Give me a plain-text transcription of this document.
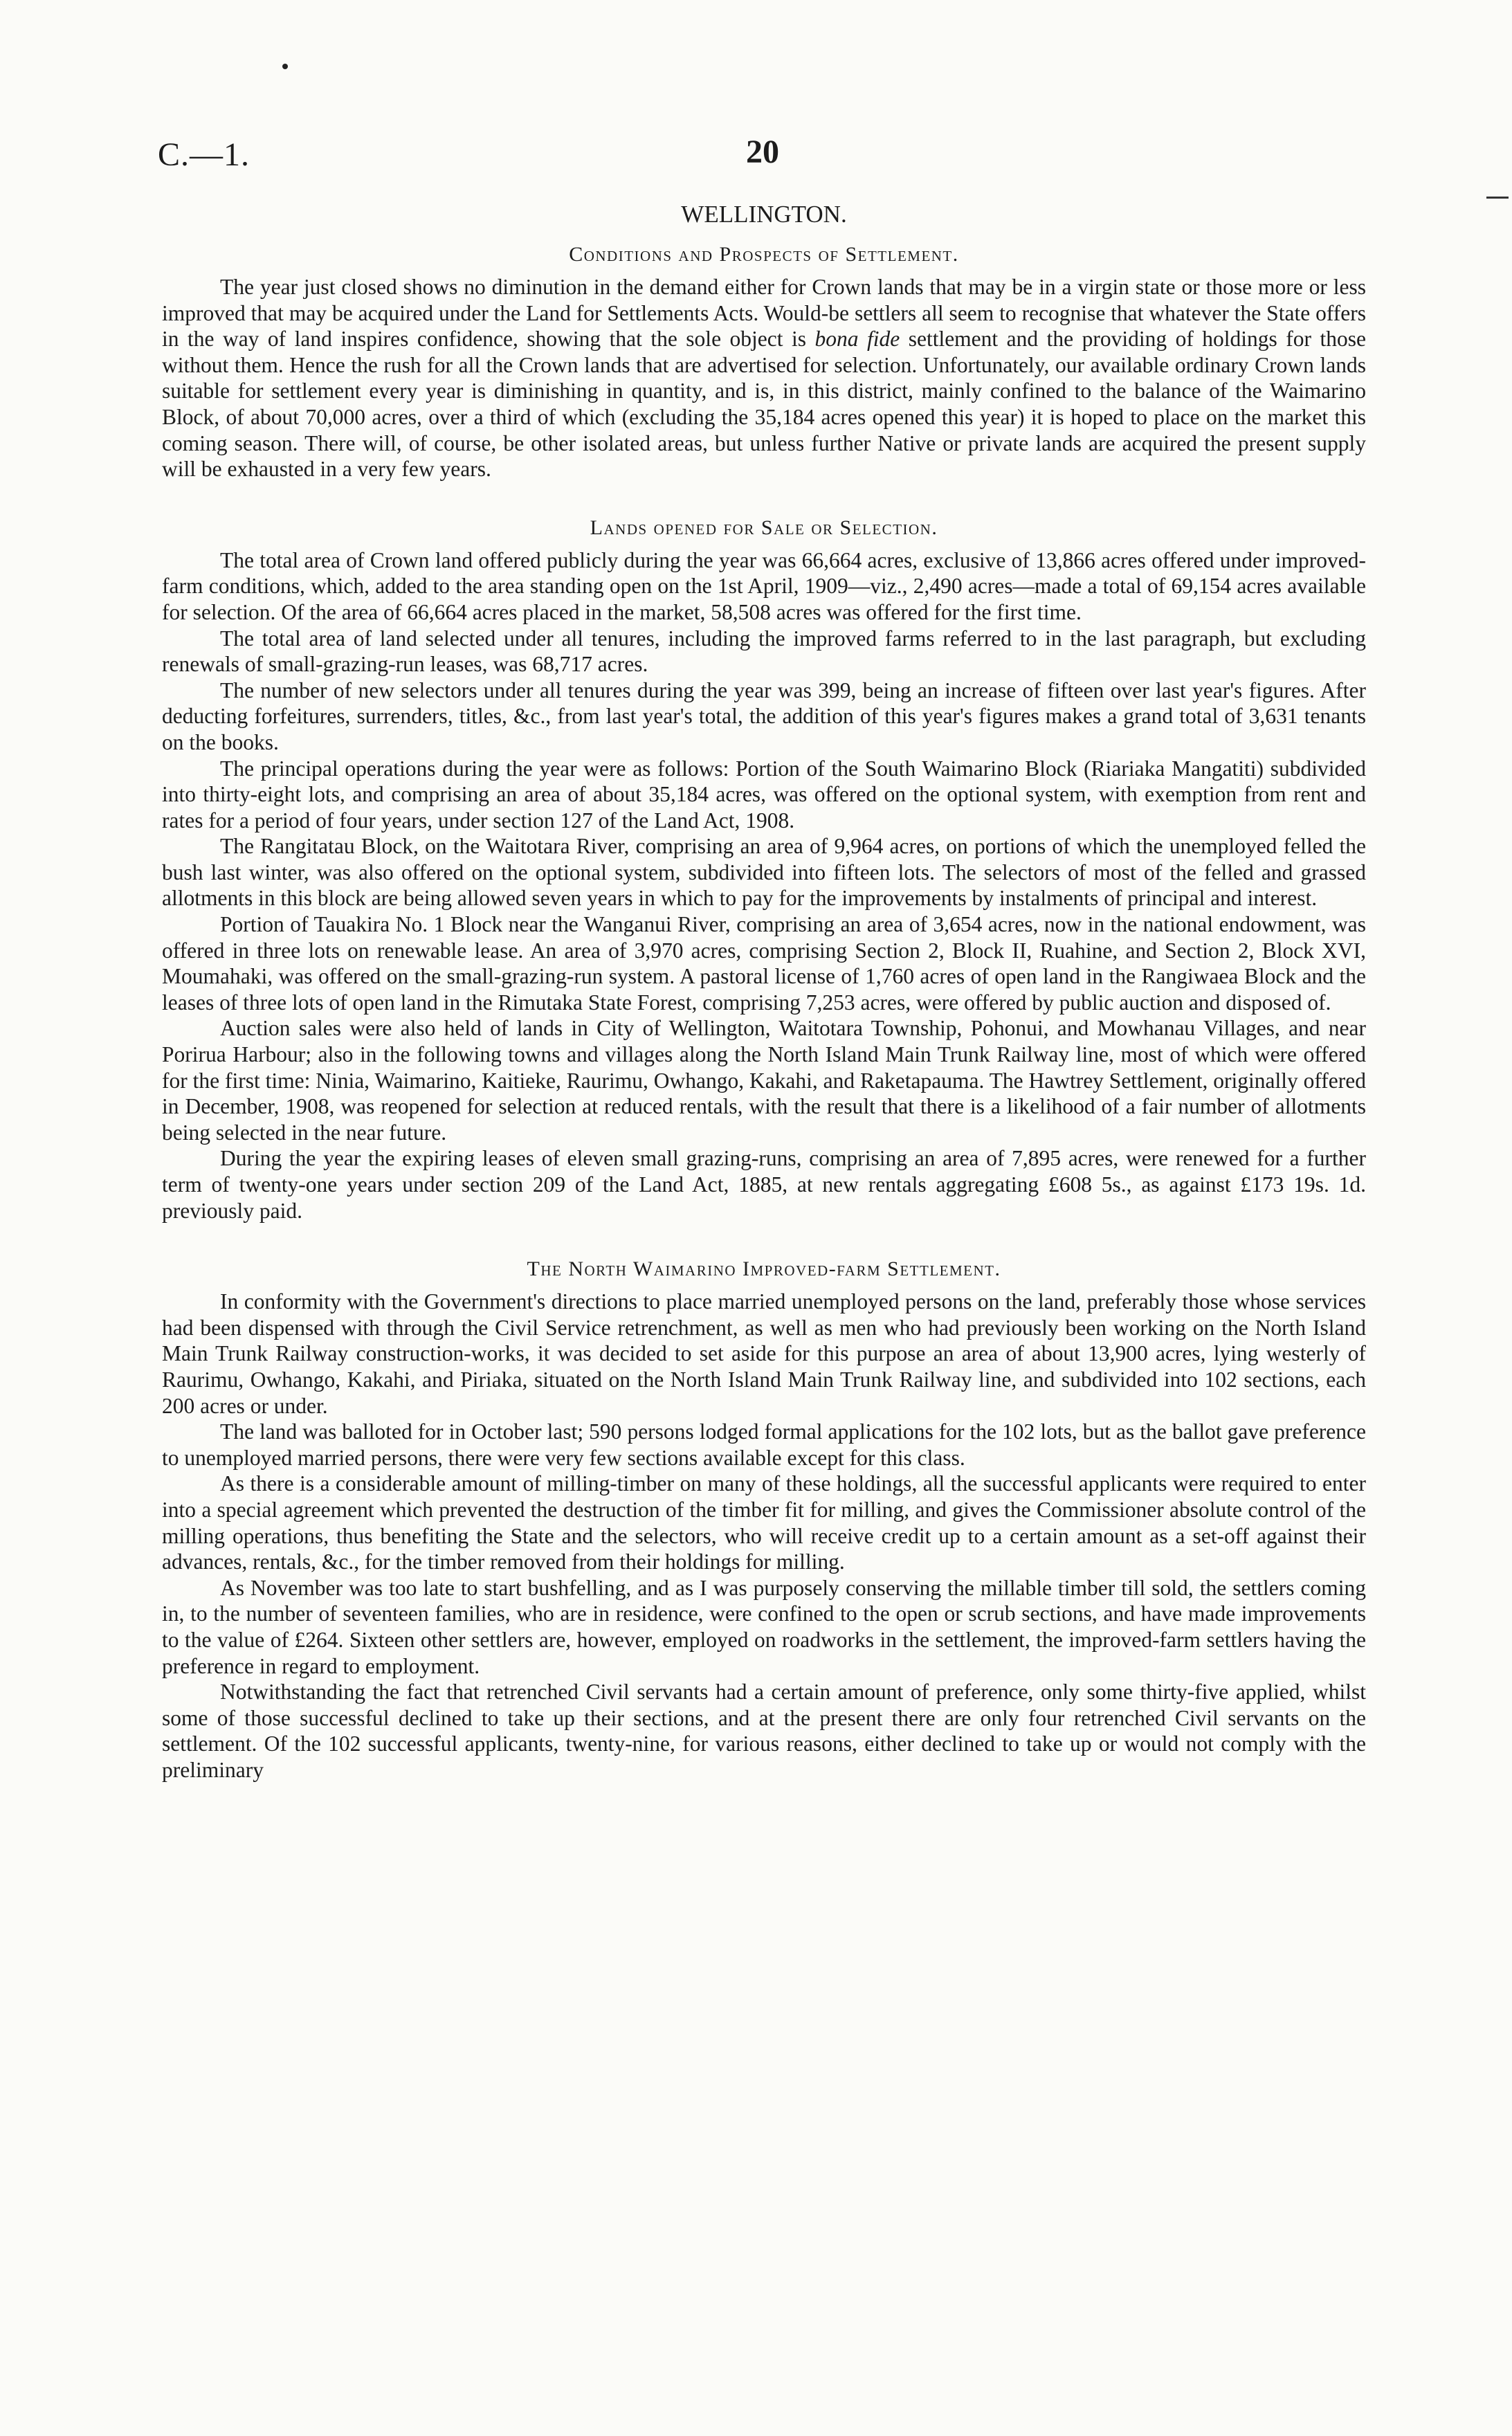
C.—1.	20
WELLINGTON.
Conditions and Prospects of Settlement.

The year just closed shows no diminution in the demand either for Crown lands that may be in a virgin state or those more or less improved that may be acquired under the Land for Settlements Acts. Would-be settlers all seem to recognise that whatever the State offers in the way of land inspires confidence, showing that the sole object is bona fide settlement and the providing of holdings for those without them. Hence the rush for all the Crown lands that are advertised for selection. Unfortunately, our available ordinary Crown lands suitable for settlement every year is diminishing in quantity, and is, in this district, mainly confined to the balance of the Waimarino Block, of about 70,000 acres, over a third of which (excluding the 35,184 acres opened this year) it is hoped to place on the market this coming season. There will, of course, be other isolated areas, but unless further Native or private lands are acquired the present supply will be exhausted in a very few years.

Lands opened for Sale or Selection.

The total area of Crown land offered publicly during the year was 66,664 acres, exclusive of 13,866 acres offered under improved-farm conditions, which, added to the area standing open on the 1st April, 1909—viz., 2,490 acres—made a total of 69,154 acres available for selection. Of the area of 66,664 acres placed in the market, 58,508 acres was offered for the first time.

The total area of land selected under all tenures, including the improved farms referred to in the last paragraph, but excluding renewals of small-grazing-run leases, was 68,717 acres.

The number of new selectors under all tenures during the year was 399, being an increase of fifteen over last year's figures. After deducting forfeitures, surrenders, titles, &c., from last year's total, the addition of this year's figures makes a grand total of 3,631 tenants on the books.

The principal operations during the year were as follows: Portion of the South Waimarino Block (Riariaka Mangatiti) subdivided into thirty-eight lots, and comprising an area of about 35,184 acres, was offered on the optional system, with exemption from rent and rates for a period of four years, under section 127 of the Land Act, 1908.

The Rangitatau Block, on the Waitotara River, comprising an area of 9,964 acres, on portions of which the unemployed felled the bush last winter, was also offered on the optional system, subdivided into fifteen lots. The selectors of most of the felled and grassed allotments in this block are being allowed seven years in which to pay for the improvements by instalments of principal and interest.

Portion of Tauakira No. 1 Block near the Wanganui River, comprising an area of 3,654 acres, now in the national endowment, was offered in three lots on renewable lease. An area of 3,970 acres, comprising Section 2, Block II, Ruahine, and Section 2, Block XVI, Moumahaki, was offered on the small-grazing-run system. A pastoral license of 1,760 acres of open land in the Rangiwaea Block and the leases of three lots of open land in the Rimutaka State Forest, comprising 7,253 acres, were offered by public auction and disposed of.

Auction sales were also held of lands in City of Wellington, Waitotara Township, Pohonui, and Mowhanau Villages, and near Porirua Harbour; also in the following towns and villages along the North Island Main Trunk Railway line, most of which were offered for the first time: Ninia, Waimarino, Kaitieke, Raurimu, Owhango, Kakahi, and Raketapauma. The Hawtrey Settlement, originally offered in December, 1908, was reopened for selection at reduced rentals, with the result that there is a likelihood of a fair number of allotments being selected in the near future.

During the year the expiring leases of eleven small grazing-runs, comprising an area of 7,895 acres, were renewed for a further term of twenty-one years under section 209 of the Land Act, 1885, at new rentals aggregating £608 5s., as against £173 19s. 1d. previously paid.

The North Waimarino Improved-farm Settlement.

In conformity with the Government's directions to place married unemployed persons on the land, preferably those whose services had been dispensed with through the Civil Service retrenchment, as well as men who had previously been working on the North Island Main Trunk Railway construction-works, it was decided to set aside for this purpose an area of about 13,900 acres, lying westerly of Raurimu, Owhango, Kakahi, and Piriaka, situated on the North Island Main Trunk Railway line, and subdivided into 102 sections, each 200 acres or under.

The land was balloted for in October last; 590 persons lodged formal applications for the 102 lots, but as the ballot gave preference to unemployed married persons, there were very few sections available except for this class.

As there is a considerable amount of milling-timber on many of these holdings, all the successful applicants were required to enter into a special agreement which prevented the destruction of the timber fit for milling, and gives the Commissioner absolute control of the milling operations, thus benefiting the State and the selectors, who will receive credit up to a certain amount as a set-off against their advances, rentals, &c., for the timber removed from their holdings for milling.

As November was too late to start bushfelling, and as I was purposely conserving the millable timber till sold, the settlers coming in, to the number of seventeen families, who are in residence, were confined to the open or scrub sections, and have made improvements to the value of £264. Sixteen other settlers are, however, employed on roadworks in the settlement, the improved-farm settlers having the preference in regard to employment.

Notwithstanding the fact that retrenched Civil servants had a certain amount of preference, only some thirty-five applied, whilst some of those successful declined to take up their sections, and at the present there are only four retrenched Civil servants on the settlement. Of the 102 successful applicants, twenty-nine, for various reasons, either declined to take up or would not comply with the preliminary
